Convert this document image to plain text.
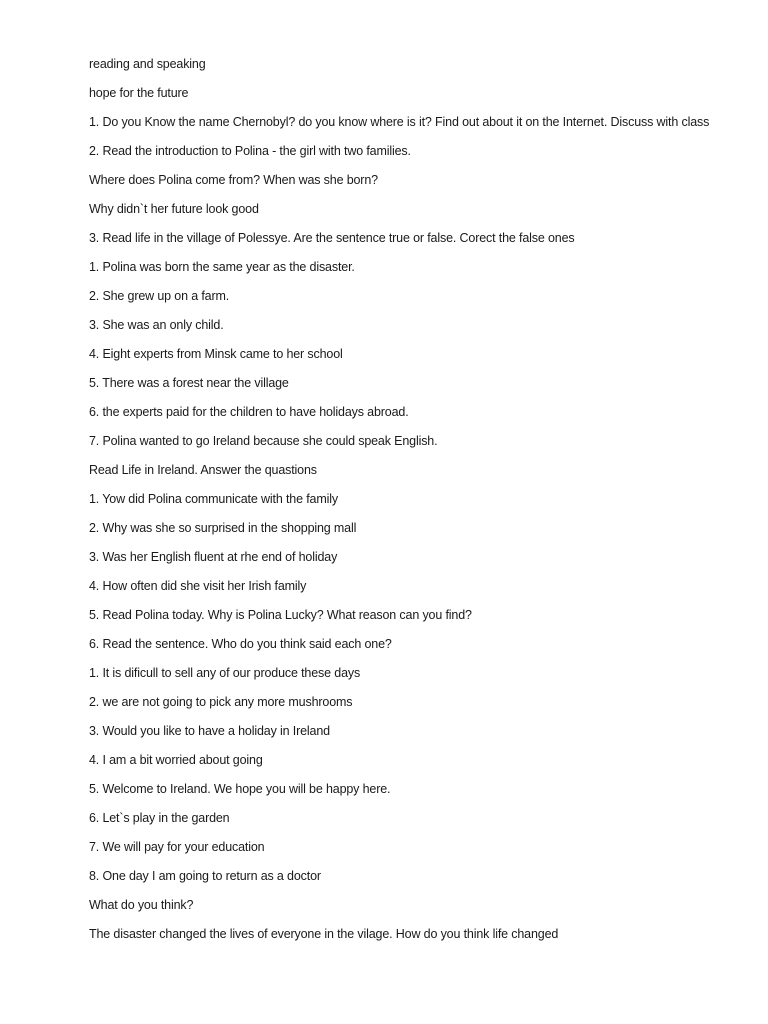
reading and speaking

hope for the future

1. Do you Know the name Chernobyl? do you know where is it? Find out about it on the Internet. Discuss with class

2. Read the introduction to Polina - the girl with two families.

Where does Polina come from? When was she born?

Why didn`t her future look good

3. Read life in the village of Polessye. Are the sentence true or false. Corect the false ones

1. Polina was born the same year as the disaster.

2. She grew up on a farm.

3. She was an only child.

4. Eight experts from Minsk came to her school

5. There was a forest near the village

6. the experts paid for the children to have holidays abroad.

7. Polina wanted to go Ireland because she could speak English.

Read Life in Ireland. Answer the quastions

1. Yow did Polina communicate with the family

2. Why was she so surprised in the shopping mall

3. Was her English fluent at rhe end of holiday

4. How often did she visit her Irish family

5. Read Polina today. Why is Polina Lucky? What reason can you find?

6. Read the sentence. Who do you think said each one?

1. It is dificull to sell any of our produce these days

2. we are not going to pick any more mushrooms

3. Would you like to have a holiday in Ireland

4. I am a bit worried about going

5. Welcome to Ireland. We hope you will be happy here.

6. Let`s play in the garden

7. We will pay for your education

8. One day I am going to return as a doctor

What do you think?

The disaster changed the lives of everyone in the vilage. How do you think life changed
